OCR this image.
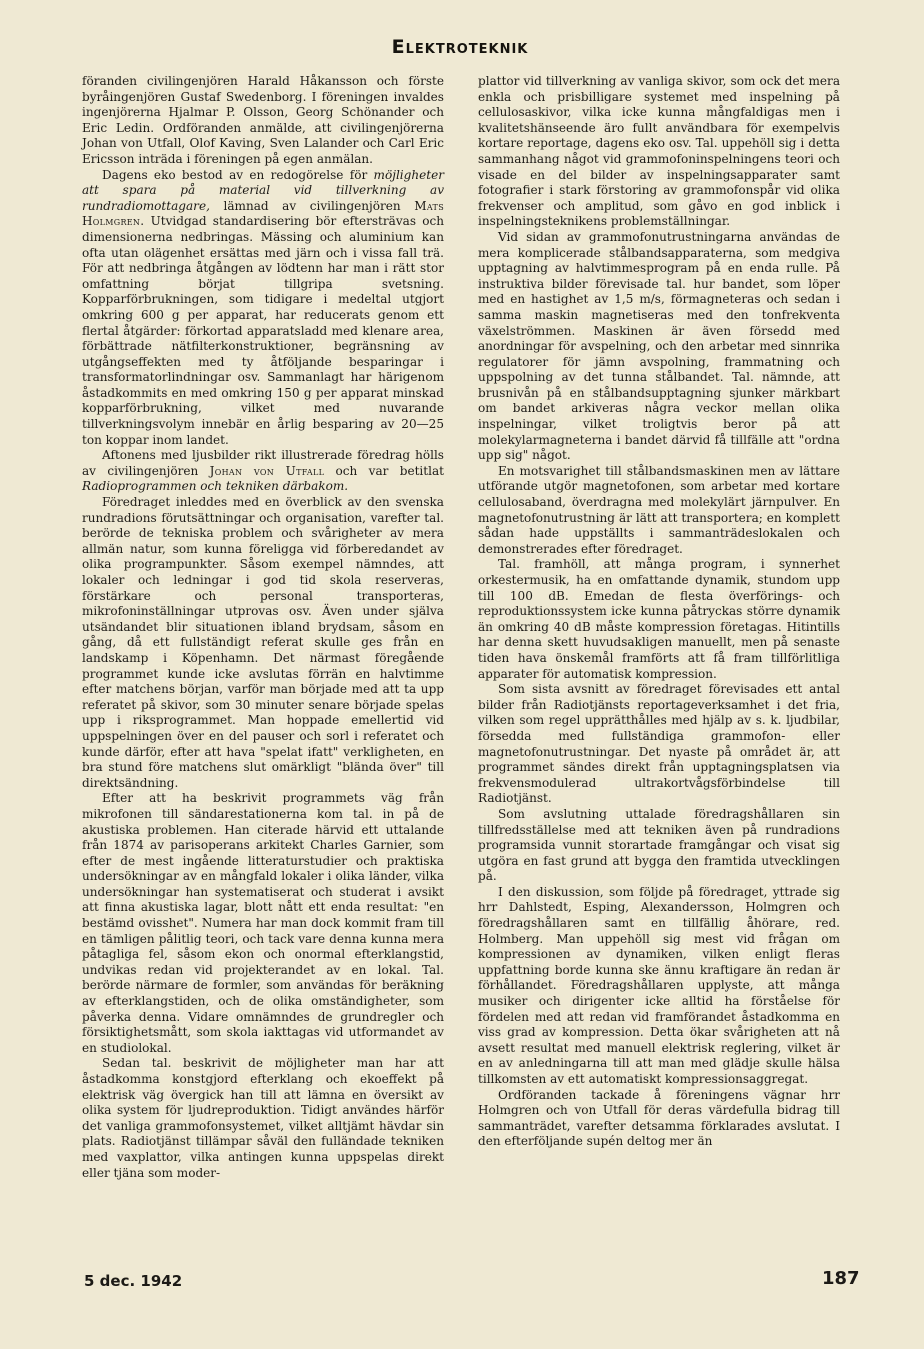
Elektroteknik

föranden civilingenjören Harald Håkansson och förste byråingenjören Gustaf Swedenborg. I föreningen invaldes ingenjörerna Hjalmar P. Olsson, Georg Schönander och Eric Ledin. Ordföranden anmälde, att civilingenjörerna Johan von Utfall, Olof Kaving, Sven Lalander och Carl Eric Ericsson inträda i föreningen på egen anmälan.

Dagens eko bestod av en redogörelse för möjligheter att spara på material vid tillverkning av rundradiomottagare, lämnad av civilingenjören Mats Holmgren. Utvidgad standardisering bör eftersträvas och dimensionerna nedbringas. Mässing och aluminium kan ofta utan olägenhet ersättas med järn och i vissa fall trä. För att nedbringa åtgången av lödtenn har man i rätt stor omfattning börjat tillgripa svetsning. Kopparförbrukningen, som tidigare i medeltal utgjort omkring 600 g per apparat, har reducerats genom ett flertal åtgärder: förkortad apparatsladd med klenare area, förbättrade nätfilterkonstruktioner, begränsning av utgångseffekten med ty åtföljande besparingar i transformatorlindningar osv. Sammanlagt har härigenom åstadkommits en med omkring 150 g per apparat minskad kopparförbrukning, vilket med nuvarande tillverkningsvolym innebär en årlig besparing av 20—25 ton koppar inom landet.

Aftonens med ljusbilder rikt illustrerade föredrag hölls av civilingenjören Johan von Utfall och var betitlat Radioprogrammen och tekniken därbakom.

Föredraget inleddes med en överblick av den svenska rundradions förutsättningar och organisation, varefter tal. berörde de tekniska problem och svårigheter av mera allmän natur, som kunna föreligga vid förberedandet av olika programpunkter. Såsom exempel nämndes, att lokaler och ledningar i god tid skola reserveras, förstärkare och personal transporteras, mikrofoninställningar utprovas osv. Även under själva utsändandet blir situationen ibland brydsam, såsom en gång, då ett fullständigt referat skulle ges från en landskamp i Köpenhamn. Det närmast föregående programmet kunde icke avslutas förrän en halvtimme efter matchens början, varför man började med att ta upp referatet på skivor, som 30 minuter senare började spelas upp i riksprogrammet. Man hoppade emellertid vid uppspelningen över en del pauser och sorl i referatet och kunde därför, efter att hava "spelat ifatt" verkligheten, en bra stund före matchens slut omärkligt "blända över" till direktsändning.

Efter att ha beskrivit programmets väg från mikrofonen till sändarestationerna kom tal. in på de akustiska problemen. Han citerade härvid ett uttalande från 1874 av parisoperans arkitekt Charles Garnier, som efter de mest ingående litteraturstudier och praktiska undersökningar av en mångfald lokaler i olika länder, vilka undersökningar han systematiserat och studerat i avsikt att finna akustiska lagar, blott nått ett enda resultat: "en bestämd ovisshet". Numera har man dock kommit fram till en tämligen pålitlig teori, och tack vare denna kunna mera påtagliga fel, såsom ekon och onormal efterklangstid, undvikas redan vid projekterandet av en lokal. Tal. berörde närmare de formler, som användas för beräkning av efterklangstiden, och de olika omständigheter, som påverka denna. Vidare omnämndes de grundregler och försiktighetsmått, som skola iakttagas vid utformandet av en studiolokal.

Sedan tal. beskrivit de möjligheter man har att åstadkomma konstgjord efterklang och ekoeffekt på elektrisk väg övergick han till att lämna en översikt av olika system för ljudreproduktion. Tidigt användes härför det vanliga grammofonsystemet, vilket alltjämt hävdar sin plats. Radiotjänst tillämpar såväl den fulländade tekniken med vaxplattor, vilka antingen kunna uppspelas direkt eller tjäna som moder-

plattor vid tillverkning av vanliga skivor, som ock det mera enkla och prisbilligare systemet med inspelning på cellulosaskivor, vilka icke kunna mångfaldigas men i kvalitetshänseende äro fullt användbara för exempelvis kortare reportage, dagens eko osv. Tal. uppehöll sig i detta sammanhang något vid grammofoninspelningens teori och visade en del bilder av inspelningsapparater samt fotografier i stark förstoring av grammofonspår vid olika frekvenser och amplitud, som gåvo en god inblick i inspelningsteknikens problemställningar.

Vid sidan av grammofonutrustningarna användas de mera komplicerade stålbandsapparaterna, som medgiva upptagning av halvtimmesprogram på en enda rulle. På instruktiva bilder förevisade tal. hur bandet, som löper med en hastighet av 1,5 m/s, förmagneteras och sedan i samma maskin magnetiseras med den tonfrekventa växelströmmen. Maskinen är även försedd med anordningar för avspelning, och den arbetar med sinnrika regulatorer för jämn avspolning, frammatning och uppspolning av det tunna stålbandet. Tal. nämnde, att brusnivån på en stålbandsupptagning sjunker märkbart om bandet arkiveras några veckor mellan olika inspelningar, vilket troligtvis beror på att molekylarmagneterna i bandet därvid få tillfälle att "ordna upp sig" något.

En motsvarighet till stålbandsmaskinen men av lättare utförande utgör magnetofonen, som arbetar med kortare cellulosaband, överdragna med molekylärt järnpulver. En magnetofonutrustning är lätt att transportera; en komplett sådan hade uppställts i sammanträdeslokalen och demonstrerades efter föredraget.

Tal. framhöll, att många program, i synnerhet orkestermusik, ha en omfattande dynamik, stundom upp till 100 dB. Emedan de flesta överförings- och reproduktionssystem icke kunna påtryckas större dynamik än omkring 40 dB måste kompression företagas. Hitintills har denna skett huvudsakligen manuellt, men på senaste tiden hava önskemål framförts att få fram tillförlitliga apparater för automatisk kompression.

Som sista avsnitt av föredraget förevisades ett antal bilder från Radiotjänsts reportageverksamhet i det fria, vilken som regel upprätthålles med hjälp av s. k. ljudbilar, försedda med fullständiga grammofon- eller magnetofonutrustningar. Det nyaste på området är, att programmet sändes direkt från upptagningsplatsen via frekvensmodulerad ultrakortvågsförbindelse till Radiotjänst.

Som avslutning uttalade föredragshållaren sin tillfredsställelse med att tekniken även på rundradions programsida vunnit storartade framgångar och visat sig utgöra en fast grund att bygga den framtida utvecklingen på.

I den diskussion, som följde på föredraget, yttrade sig hrr Dahlstedt, Esping, Alexandersson, Holmgren och föredragshållaren samt en tillfällig åhörare, red. Holmberg. Man uppehöll sig mest vid frågan om kompressionen av dynamiken, vilken enligt fleras uppfattning borde kunna ske ännu kraftigare än redan är förhållandet. Föredragshållaren upplyste, att många musiker och dirigenter icke alltid ha förståelse för fördelen med att redan vid framförandet åstadkomma en viss grad av kompression. Detta ökar svårigheten att nå avsett resultat med manuell elektrisk reglering, vilket är en av anledningarna till att man med glädje skulle hälsa tillkomsten av ett automatiskt kompressionsaggregat.

Ordföranden tackade å föreningens vägnar hrr Holmgren och von Utfall för deras värdefulla bidrag till sammanträdet, varefter detsamma förklarades avslutat. I den efterföljande supén deltog mer än

5 dec. 1942	187
